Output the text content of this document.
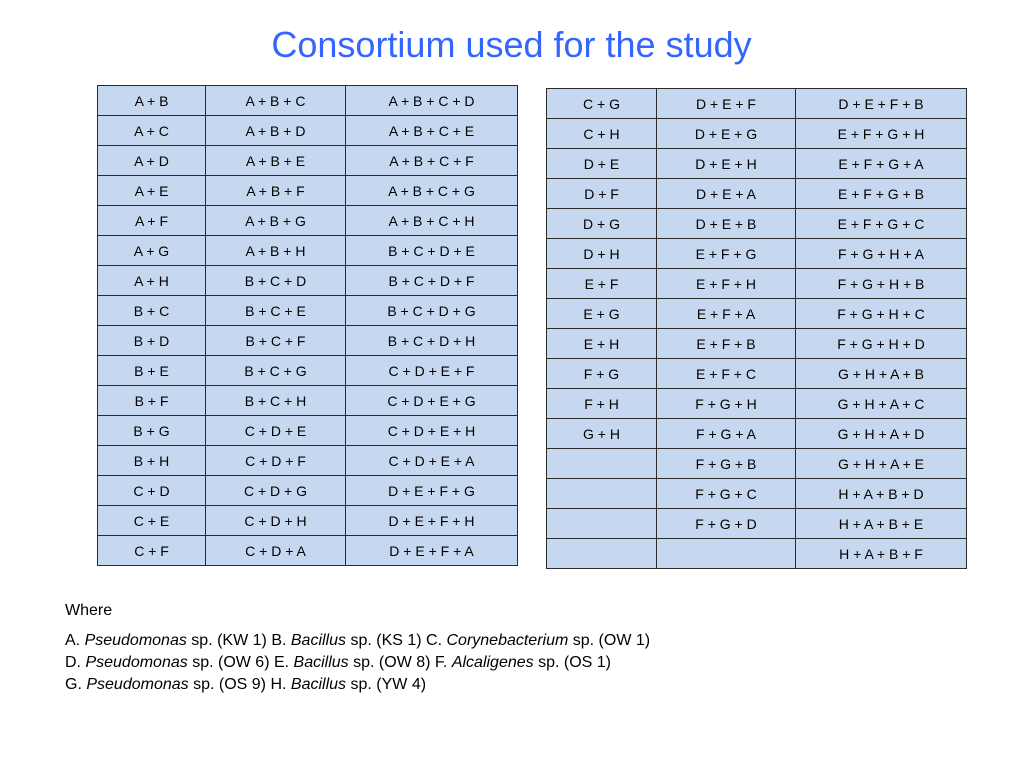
Consortium used for the study
A + B	A + B + C	A + B + C + D
A + C	A + B + D	A + B + C + E
A + D	A + B + E	A + B + C + F
A + E	A + B + F	A + B + C + G
A + F	A + B + G	A + B + C + H
A + G	A + B + H	B + C + D + E
A + H	B + C + D	B + C + D + F
B + C	B + C + E	B + C + D + G
B + D	B + C + F	B + C + D + H
B + E	B + C + G	C + D + E + F
B + F	B + C + H	C + D + E + G
B + G	C + D + E	C + D + E + H
B + H	C + D + F	C + D + E + A
C + D	C + D + G	D + E + F + G
C + E	C + D + H	D + E + F + H
C + F	C + D + A	D + E + F + A
C + G	D + E + F	D + E + F + B
C + H	D + E + G	E + F + G + H
D + E	D + E + H	E + F + G + A
D + F	D + E + A	E + F + G + B
D + G	D + E + B	E + F + G + C
D + H	E + F + G	F + G + H + A
E + F	E + F + H	F + G + H + B
E + G	E + F + A	F + G + H + C
E + H	E + F + B	F + G + H + D
F + G	E + F + C	G + H + A + B
F + H	F + G + H	G + H + A + C
G + H	F + G + A	G + H + A + D
	F + G + B	G + H + A + E
	F + G + C	H + A + B + D
	F + G + D	H + A + B + E
		H + A + B + F
Where
A. Pseudomonas sp. (KW 1) B. Bacillus sp. (KS 1) C. Corynebacterium sp. (OW 1)
D. Pseudomonas sp. (OW 6) E. Bacillus sp. (OW 8) F. Alcaligenes sp. (OS 1)
G. Pseudomonas sp. (OS 9) H. Bacillus sp. (YW 4)
